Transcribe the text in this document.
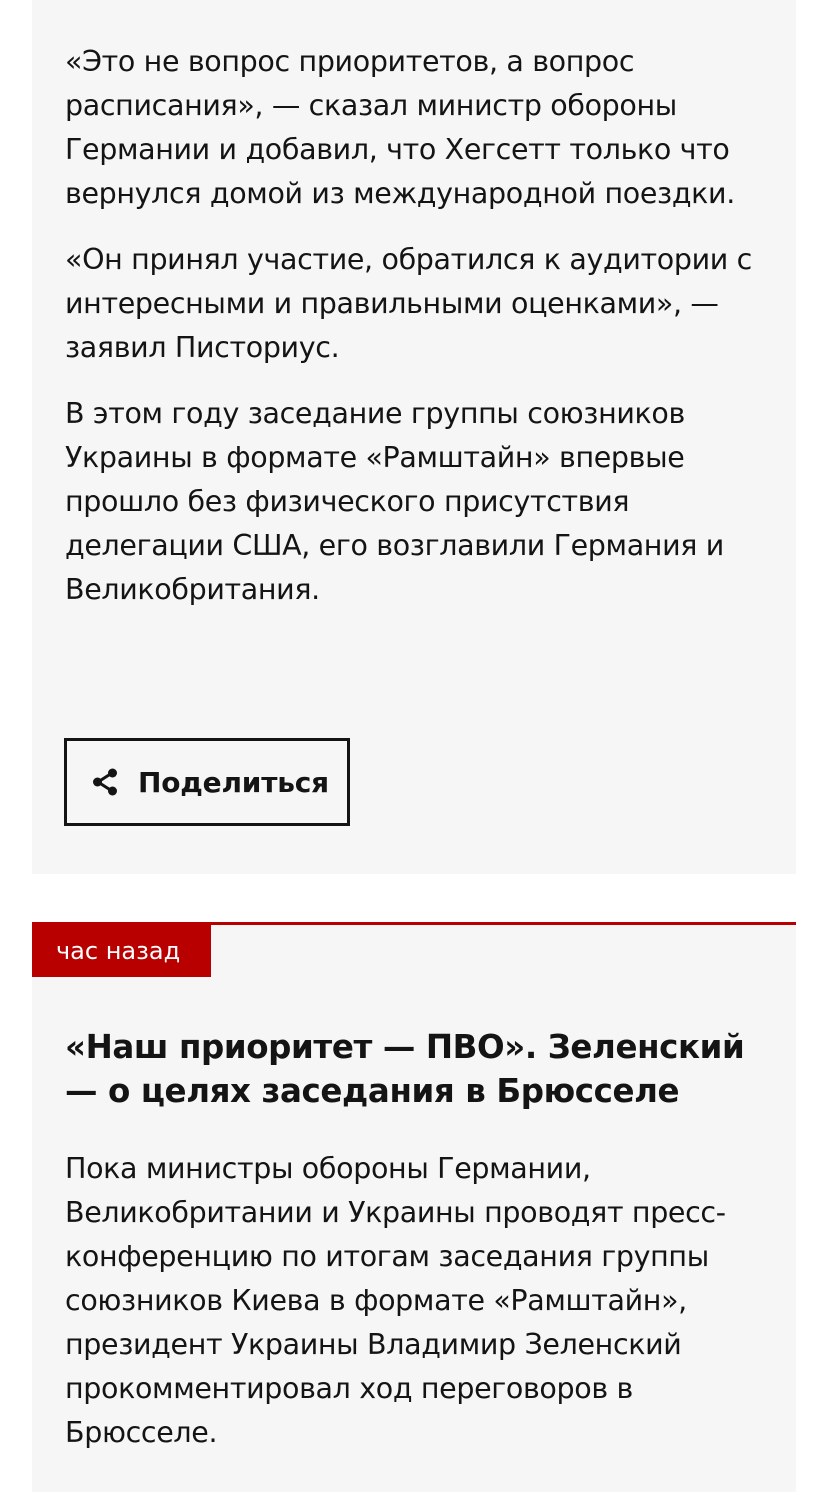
«Это не вопрос приоритетов, а вопрос расписания», — сказал министр обороны Германии и добавил, что Хегсетт только что вернулся домой из международной поездки.

«Он принял участие, обратился к аудитории с интересными и правильными оценками», — заявил Писториус.

В этом году заседание группы союзников Украины в формате «Рамштайн» впервые прошло без физического присутствия делегации США, его возглавили Германия и Великобритания.

Поделиться
час назад
«Наш приоритет — ПВО». Зеленский — о целях заседания в Брюсселе

Пока министры обороны Германии, Великобритании и Украины проводят пресс-конференцию по итогам заседания группы союзников Киева в формате «Рамштайн», президент Украины Владимир Зеленский прокомментировал ход переговоров в Брюсселе.
